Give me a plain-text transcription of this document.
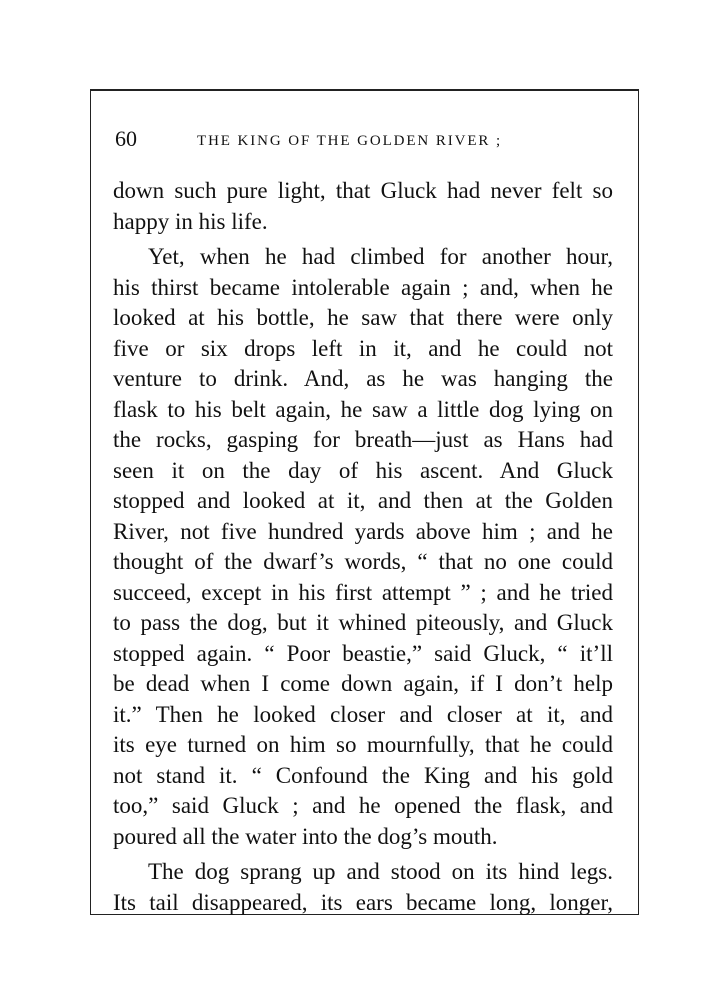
60	THE KING OF THE GOLDEN RIVER ;
down such pure light, that Gluck had never felt so
happy in his life.
Yet, when he had climbed for another hour,
his thirst became intolerable again ; and, when he
looked at his bottle, he saw that there were only
five or six drops left in it, and he could not
venture to drink. And, as he was hanging the
flask to his belt again, he saw a little dog lying on
the rocks, gasping for breath—just as Hans had
seen it on the day of his ascent. And Gluck
stopped and looked at it, and then at the Golden
River, not five hundred yards above him ; and he
thought of the dwarf’s words, “ that no one could
succeed, except in his first attempt ” ; and he tried
to pass the dog, but it whined piteously, and Gluck
stopped again. “ Poor beastie,” said Gluck, “ it’ll
be dead when I come down again, if I don’t help
it.” Then he looked closer and closer at it, and
its eye turned on him so mournfully, that he could
not stand it. “ Confound the King and his gold
too,” said Gluck ; and he opened the flask, and
poured all the water into the dog’s mouth.
The dog sprang up and stood on its hind legs.
Its tail disappeared, its ears became long, longer,
